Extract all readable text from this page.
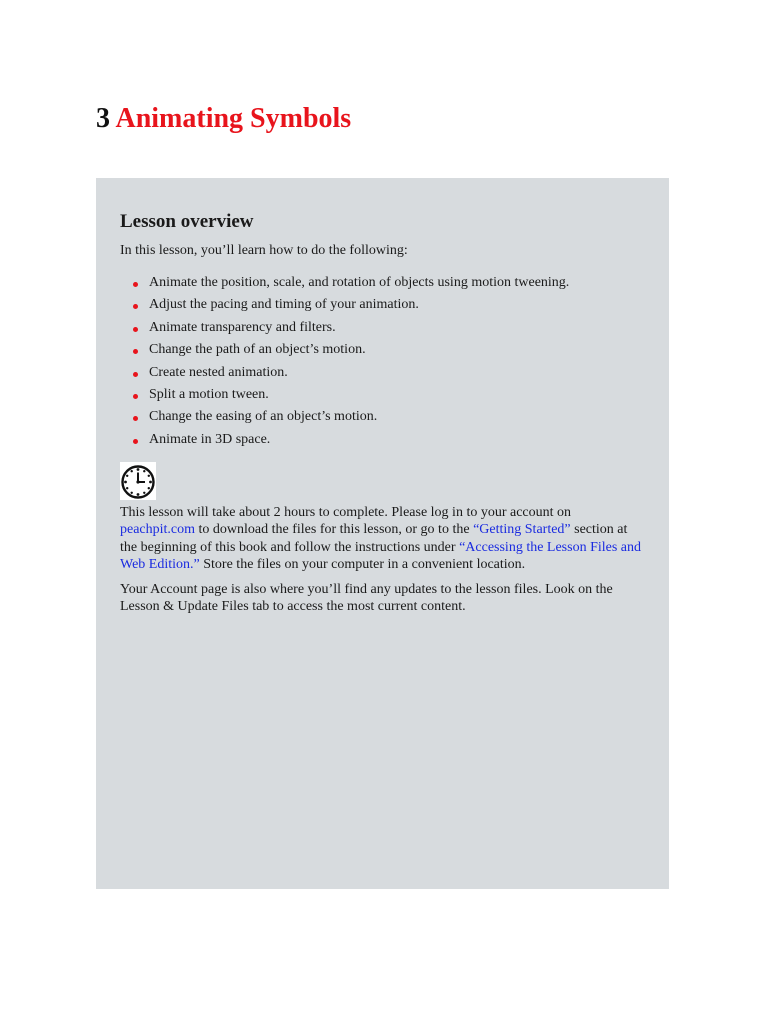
3 Animating Symbols
Lesson overview

In this lesson, you’ll learn how to do the following:

Animate the position, scale, and rotation of objects using motion tweening.
Adjust the pacing and timing of your animation.
Animate transparency and filters.
Change the path of an object’s motion.
Create nested animation.
Split a motion tween.
Change the easing of an object’s motion.
Animate in 3D space.

This lesson will take about 2 hours to complete. Please log in to your account on peachpit.com to download the files for this lesson, or go to the “Getting Started” section at the beginning of this book and follow the instructions under “Accessing the Lesson Files and Web Edition.” Store the files on your computer in a convenient location.

Your Account page is also where you’ll find any updates to the lesson files. Look on the Lesson & Update Files tab to access the most current content.
